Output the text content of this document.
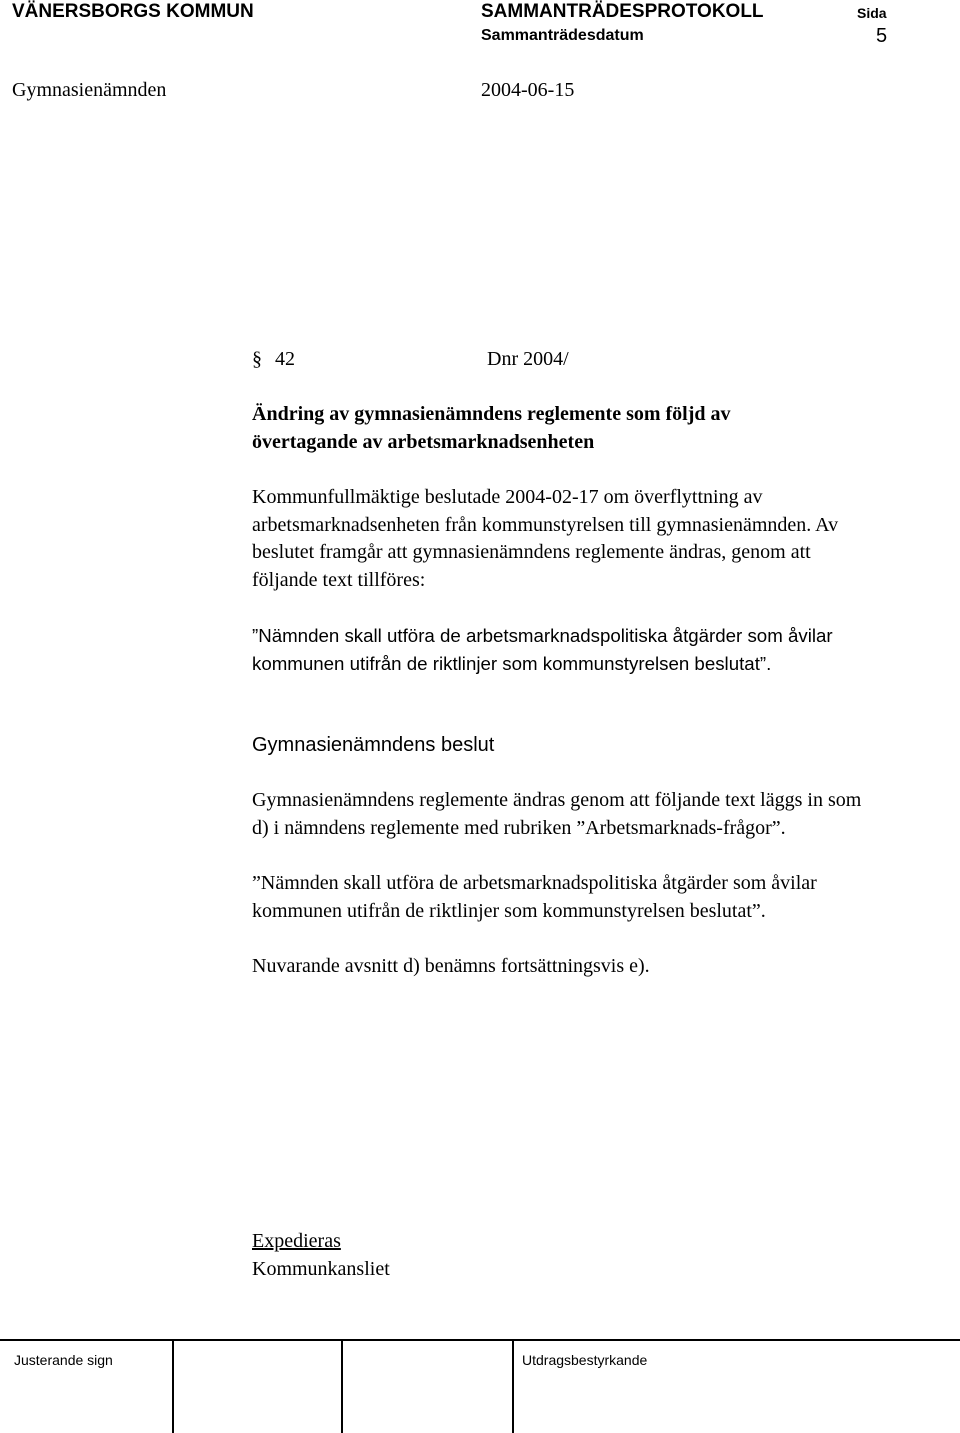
VÄNERSBORGS KOMMUN	SAMMANTRÄDESPROTOKOLL	Sida
Sammanträdesdatum	5
Gymnasienämnden	2004-06-15
§ 42	Dnr 2004/
Ändring av gymnasienämndens reglemente som följd av
övertagande av arbetsmarknadsenheten
Kommunfullmäktige beslutade 2004-02-17 om överflyttning av
arbetsmarknadsenheten från kommunstyrelsen till gymnasienämnden. Av
beslutet framgår att gymnasienämndens reglemente ändras, genom att
följande text tillföres:
”Nämnden skall utföra de arbetsmarknadspolitiska åtgärder som åvilar
kommunen utifrån de riktlinjer som kommunstyrelsen beslutat”.
Gymnasienämndens beslut
Gymnasienämndens reglemente ändras genom att följande text läggs in som
d) i nämndens reglemente med rubriken ”Arbetsmarknads-frågor”.
”Nämnden skall utföra de arbetsmarknadspolitiska åtgärder som åvilar
kommunen utifrån de riktlinjer som kommunstyrelsen beslutat”.
Nuvarande avsnitt d) benämns fortsättningsvis e).
Expedieras
Kommunkansliet
Justerande sign	Utdragsbestyrkande
